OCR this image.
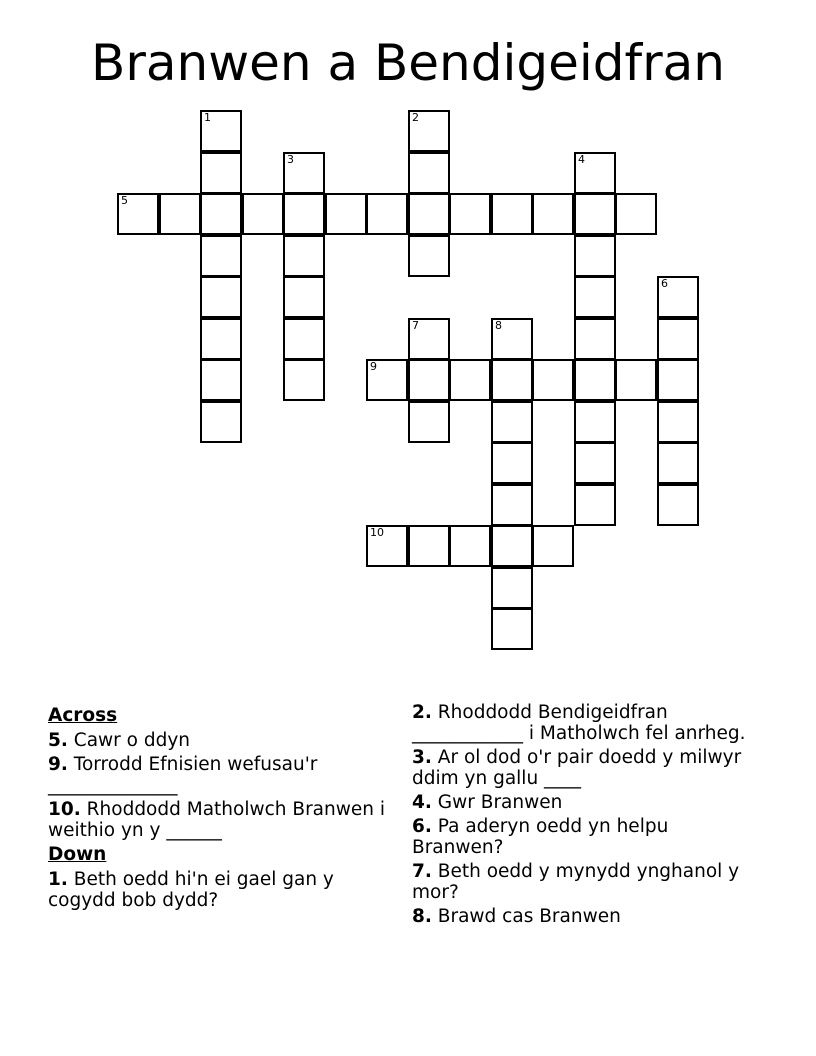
Branwen a Bendigeidfran
1	2
3	4
5
6
7	8
9
10

Across

5. Cawr o ddyn

9. Torrodd Efnisien wefusau'r ______________

10. Rhoddodd Matholwch Branwen i weithio yn y ______

Down

1. Beth oedd hi'n ei gael gan y cogydd bob dydd?

2. Rhoddodd Bendigeidfran ____________ i Matholwch fel anrheg.

3. Ar ol dod o'r pair doedd y milwyr ddim yn gallu ____

4. Gwr Branwen

6. Pa aderyn oedd yn helpu Branwen?

7. Beth oedd y mynydd ynghanol y mor?

8. Brawd cas Branwen
